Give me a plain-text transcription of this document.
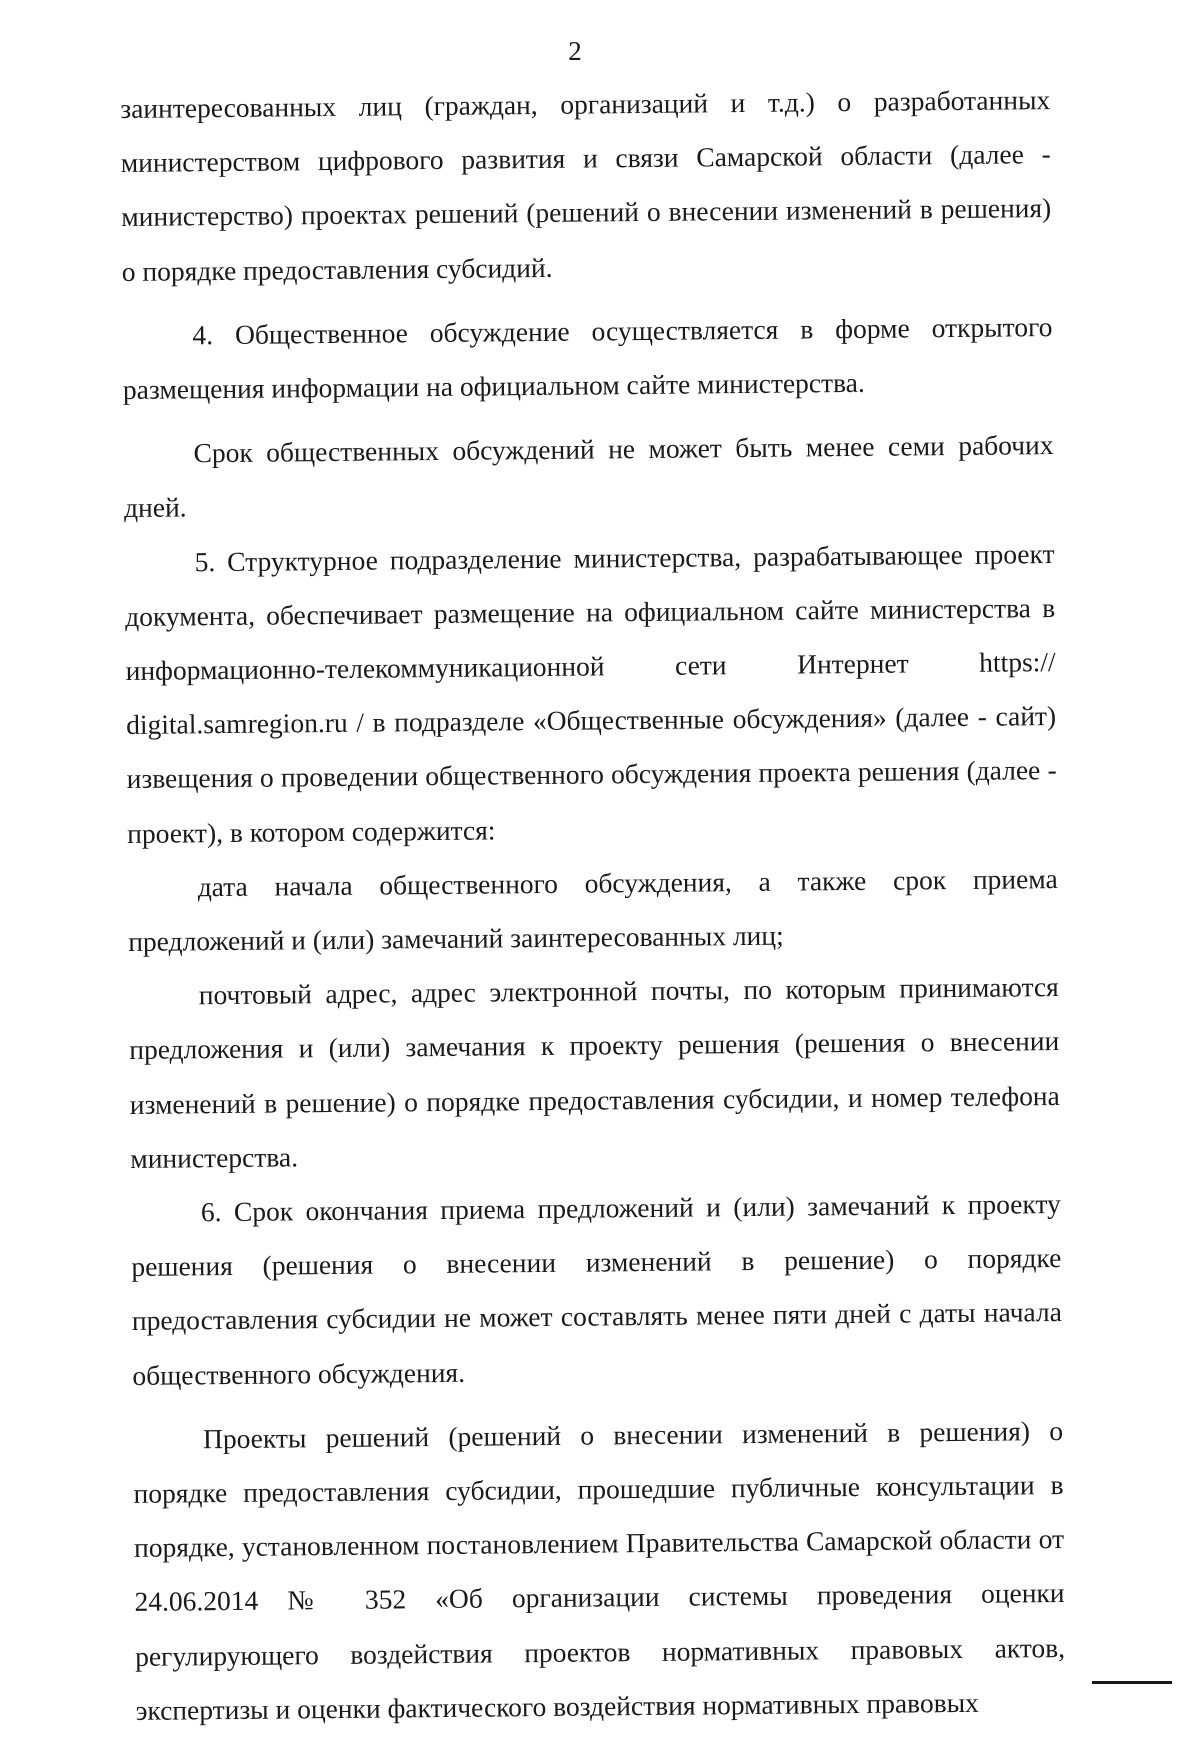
2

заинтересованных лиц (граждан, организаций и т.д.) о разработанных министерством цифрового развития и связи Самарской области (далее - министерство) проектах решений (решений о внесении изменений в решения) о порядке предоставления субсидий.

4. Общественное обсуждение осуществляется в форме открытого размещения информации на официальном сайте министерства.

Срок общественных обсуждений не может быть менее семи рабочих дней.

5. Структурное подразделение министерства, разрабатывающее проект документа, обеспечивает размещение на официальном сайте министерства в информационно-телекоммуникационной сети Интернет https:// digital.samregion.ru / в подразделе «Общественные обсуждения» (далее - сайт) извещения о проведении общественного обсуждения проекта решения (далее - проект), в котором содержится:

дата начала общественного обсуждения, а также срок приема предложений и (или) замечаний заинтересованных лиц;

почтовый адрес, адрес электронной почты, по которым принимаются предложения и (или) замечания к проекту решения (решения о внесении изменений в решение) о порядке предоставления субсидии, и номер телефона министерства.

6. Срок окончания приема предложений и (или) замечаний к проекту решения (решения о внесении изменений в решение) о порядке предоставления субсидии не может составлять менее пяти дней с даты начала общественного обсуждения.

Проекты решений (решений о внесении изменений в решения) о порядке предоставления субсидии, прошедшие публичные консультации в порядке, установленном постановлением Правительства Самарской области от 24.06.2014 № 352 «Об организации системы проведения оценки регулирующего воздействия проектов нормативных правовых актов, экспертизы и оценки фактического воздействия нормативных правовых
